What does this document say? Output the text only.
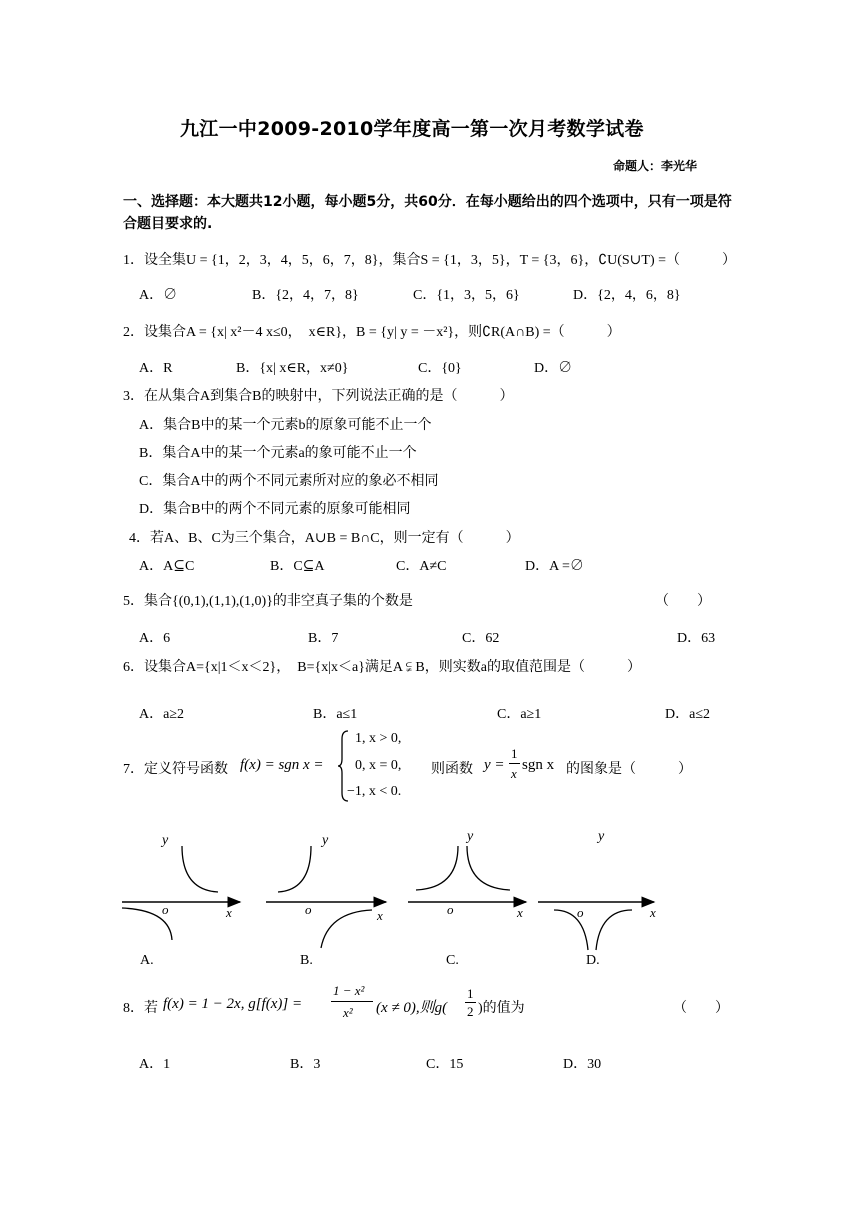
九江一中2009-2010学年度高一第一次月考数学试卷
命题人：李光华
一、选择题：本大题共12小题，每小题5分，共60分．在每小题给出的四个选项中，只有一项是符合题目要求的.
1．设全集U = {1，2，3，4，5，6，7，8}，集合S = {1，3，5}，T = {3，6}，∁U(S∪T) =（　　　）
A．∅	B．{2，4，7，8}	C．{1，3，5，6}	D．{2，4，6，8}
2．设集合A = {x| x²－4 x≤0，　x∈R}，B = {y| y = －x²}，则∁R(A∩B) =（　　　）
A．R	B．{x| x∈R，x≠0}	C．{0}	D．∅
3．在从集合A到集合B的映射中，下列说法正确的是（　　　）
A．集合B中的某一个元素b的原象可能不止一个
B．集合A中的某一个元素a的象可能不止一个
C．集合A中的两个不同元素所对应的象必不相同
D．集合B中的两个不同元素的原象可能相同
4．若A、B、C为三个集合，A∪B = B∩C，则一定有（　　　）
A．A⊆C	B．C⊆A	C．A≠C	D．A =∅
5．集合{(0,1),(1,1),(1,0)}的非空真子集的个数是	（　　）
A．6	B．7	C．62	D．63
6．设集合A={x|1＜x＜2}，　B={x|x＜a}满足A ⫋ B，则实数a的取值范围是（　　　）
A．a≥2	B．a≤1	C．a≥1	D．a≤2
7．定义符号函数 f(x) = sgn x =
1, x > 0,
0, x = 0,
−1, x < 0.
则函数 y =
1
x
sgn x 的图象是（　　　）
y
o	x
y
o	x
y
o	x
y
o	x
A.	B.	C.	D.
8．若 f(x) = 1 − 2x, g[f(x)] =
1 − x²
x² (x ≠ 0),则g(
1
2 )的值为	（　　）
A．1	B．3	C．15	D．30
